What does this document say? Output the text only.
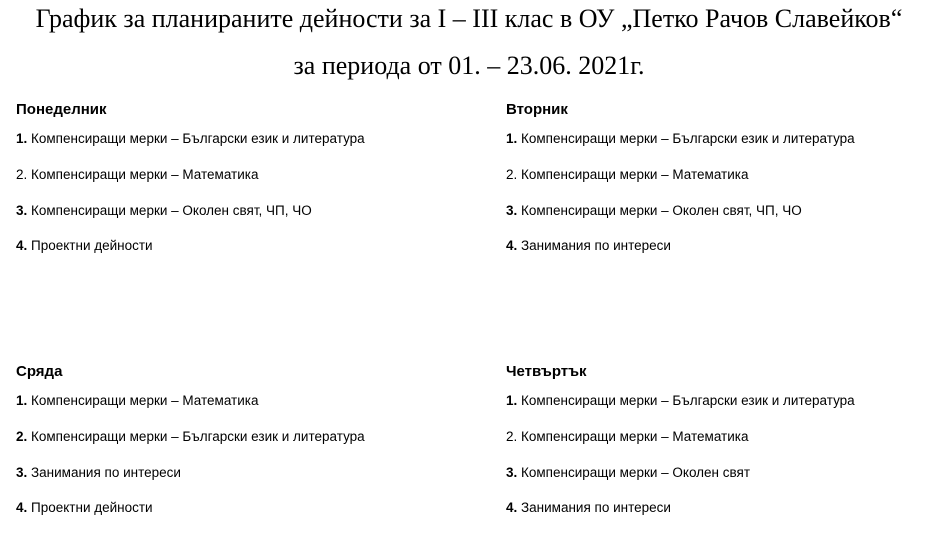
График за планираните дейности за I – III клас в ОУ „Петко Рачов Славейков“
за периода от 01. – 23.06. 2021г.
Понеделник
1. Компенсиращи мерки – Български език и литература
2. Компенсиращи мерки – Математика
3. Компенсиращи мерки – Околен свят, ЧП, ЧО
4. Проектни дейности
Вторник
1. Компенсиращи мерки – Български език и литература
2. Компенсиращи мерки – Математика
3. Компенсиращи мерки – Околен свят, ЧП, ЧО
4. Занимания по интереси
Сряда
1. Компенсиращи мерки – Математика
2. Компенсиращи мерки – Български език и литература
3. Занимания по интереси
4. Проектни дейности
Четвъртък
1. Компенсиращи мерки – Български език и литература
2. Компенсиращи мерки – Математика
3. Компенсиращи мерки – Околен свят
4. Занимания по интереси
